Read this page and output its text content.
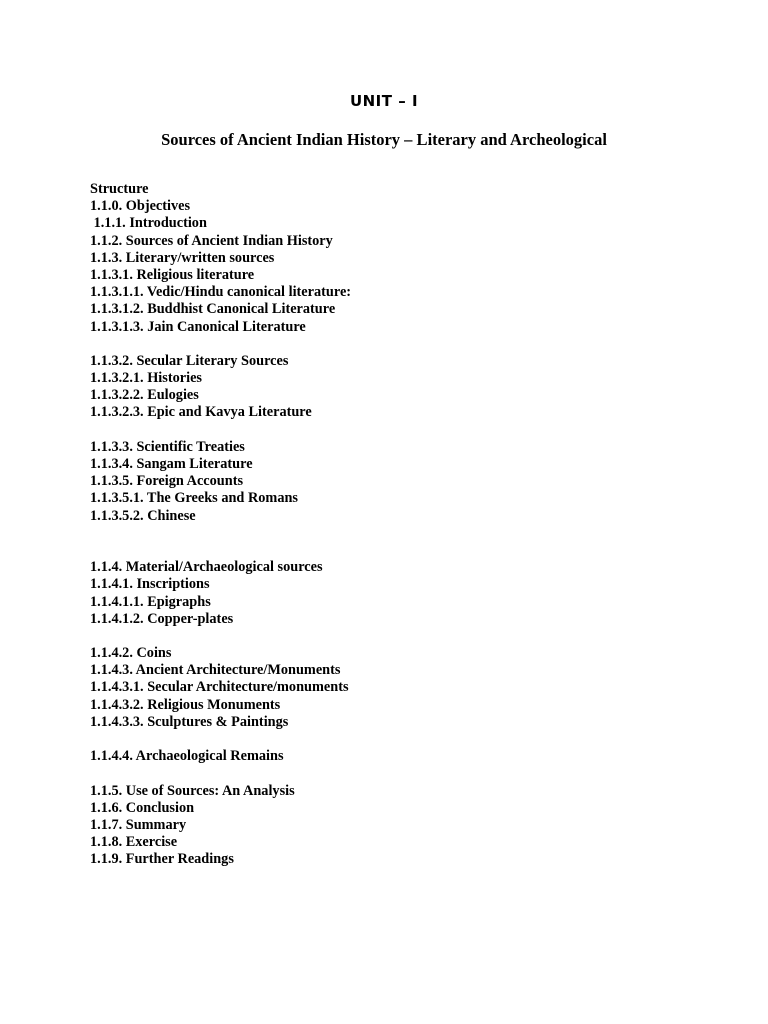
UNIT – I
Sources of Ancient Indian History – Literary and Archeological
Structure
1.1.0. Objectives
1.1.1. Introduction
1.1.2. Sources of Ancient Indian History
1.1.3. Literary/written sources
1.1.3.1. Religious literature
1.1.3.1.1. Vedic/Hindu canonical literature:
1.1.3.1.2. Buddhist Canonical Literature
1.1.3.1.3. Jain Canonical Literature
1.1.3.2. Secular Literary Sources
1.1.3.2.1. Histories
1.1.3.2.2. Eulogies
1.1.3.2.3. Epic and Kavya Literature
1.1.3.3. Scientific Treaties
1.1.3.4. Sangam Literature
1.1.3.5. Foreign Accounts
1.1.3.5.1. The Greeks and Romans
1.1.3.5.2. Chinese
1.1.4. Material/Archaeological sources
1.1.4.1. Inscriptions
1.1.4.1.1. Epigraphs
1.1.4.1.2. Copper-plates
1.1.4.2. Coins
1.1.4.3. Ancient Architecture/Monuments
1.1.4.3.1. Secular Architecture/monuments
1.1.4.3.2. Religious Monuments
1.1.4.3.3. Sculptures & Paintings
1.1.4.4. Archaeological Remains
1.1.5. Use of Sources: An Analysis
1.1.6. Conclusion
1.1.7. Summary
1.1.8. Exercise
1.1.9. Further Readings
